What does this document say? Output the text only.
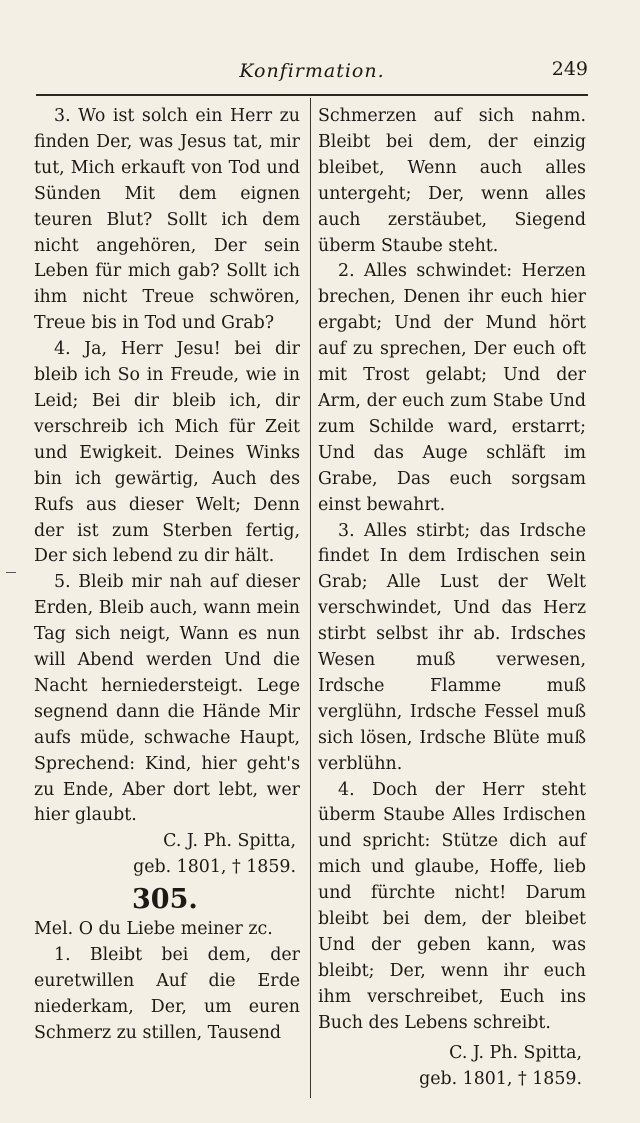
Konfirmation.	249

3. Wo ist solch ein Herr zu finden Der, was Jesus tat, mir tut, Mich erkauft von Tod und Sünden Mit dem eignen teuren Blut? Sollt ich dem nicht angehören, Der sein Leben für mich gab? Sollt ich ihm nicht Treue schwören, Treue bis in Tod und Grab?

4. Ja, Herr Jesu! bei dir bleib ich So in Freude, wie in Leid; Bei dir bleib ich, dir verschreib ich Mich für Zeit und Ewigkeit. Deines Winks bin ich gewärtig, Auch des Rufs aus dieser Welt; Denn der ist zum Sterben fertig, Der sich lebend zu dir hält.

5. Bleib mir nah auf dieser Erden, Bleib auch, wann mein Tag sich neigt, Wann es nun will Abend werden Und die Nacht herniedersteigt. Lege segnend dann die Hände Mir aufs müde, schwache Haupt, Sprechend: Kind, hier geht's zu Ende, Aber dort lebt, wer hier glaubt.

C. J. Ph. Spitta,
geb. 1801, † 1859.
305.

Mel. O du Liebe meiner zc.

1. Bleibt bei dem, der euretwillen Auf die Erde niederkam, Der, um euren Schmerz zu stillen, Tausend

Schmerzen auf sich nahm. Bleibt bei dem, der einzig bleibet, Wenn auch alles untergeht; Der, wenn alles auch zerstäubet, Siegend überm Staube steht.

2. Alles schwindet: Herzen brechen, Denen ihr euch hier ergabt; Und der Mund hört auf zu sprechen, Der euch oft mit Trost gelabt; Und der Arm, der euch zum Stabe Und zum Schilde ward, erstarrt; Und das Auge schläft im Grabe, Das euch sorgsam einst bewahrt.

3. Alles stirbt; das Irdsche findet In dem Irdischen sein Grab; Alle Lust der Welt verschwindet, Und das Herz stirbt selbst ihr ab. Irdsches Wesen muß verwesen, Irdsche Flamme muß verglühn, Irdsche Fessel muß sich lösen, Irdsche Blüte muß verblühn.

4. Doch der Herr steht überm Staube Alles Irdischen und spricht: Stütze dich auf mich und glaube, Hoffe, lieb und fürchte nicht! Darum bleibt bei dem, der bleibet Und der geben kann, was bleibt; Der, wenn ihr euch ihm verschreibet, Euch ins Buch des Lebens schreibt.

C. J. Ph. Spitta,
geb. 1801, † 1859.
